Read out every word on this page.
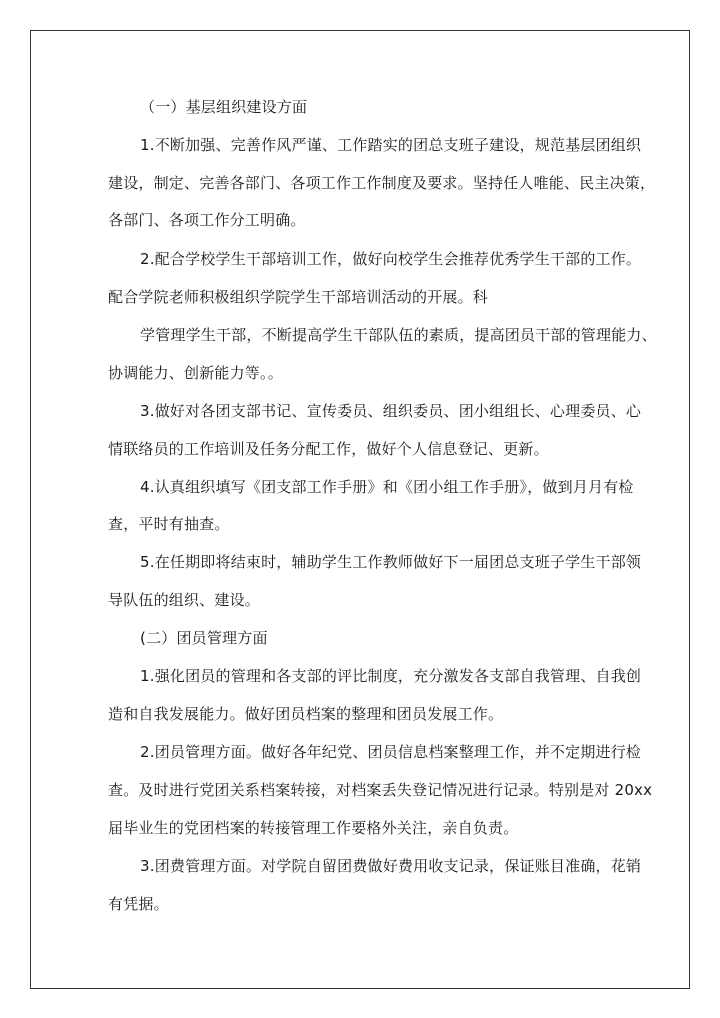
（一）基层组织建设方面
1.不断加强、完善作风严谨、工作踏实的团总支班子建设，规范基层团组织
建设，制定、完善各部门、各项工作工作制度及要求。坚持任人唯能、民主决策，
各部门、各项工作分工明确。
2.配合学校学生干部培训工作，做好向校学生会推荐优秀学生干部的工作。
配合学院老师积极组织学院学生干部培训活动的开展。科
学管理学生干部，不断提高学生干部队伍的素质，提高团员干部的管理能力、
协调能力、创新能力等。。
3.做好对各团支部书记、宣传委员、组织委员、团小组组长、心理委员、心
情联络员的工作培训及任务分配工作，做好个人信息登记、更新。
4.认真组织填写《团支部工作手册》和《团小组工作手册》，做到月月有检
查，平时有抽查。
5.在任期即将结束时，辅助学生工作教师做好下一届团总支班子学生干部领
导队伍的组织、建设。
(二）团员管理方面
1.强化团员的管理和各支部的评比制度，充分激发各支部自我管理、自我创
造和自我发展能力。做好团员档案的整理和团员发展工作。
2.团员管理方面。做好各年纪党、团员信息档案整理工作，并不定期进行检
查。及时进行党团关系档案转接，对档案丢失登记情况进行记录。特别是对 20xx
届毕业生的党团档案的转接管理工作要格外关注，亲自负责。
3.团费管理方面。对学院自留团费做好费用收支记录，保证账目准确，花销
有凭据。
